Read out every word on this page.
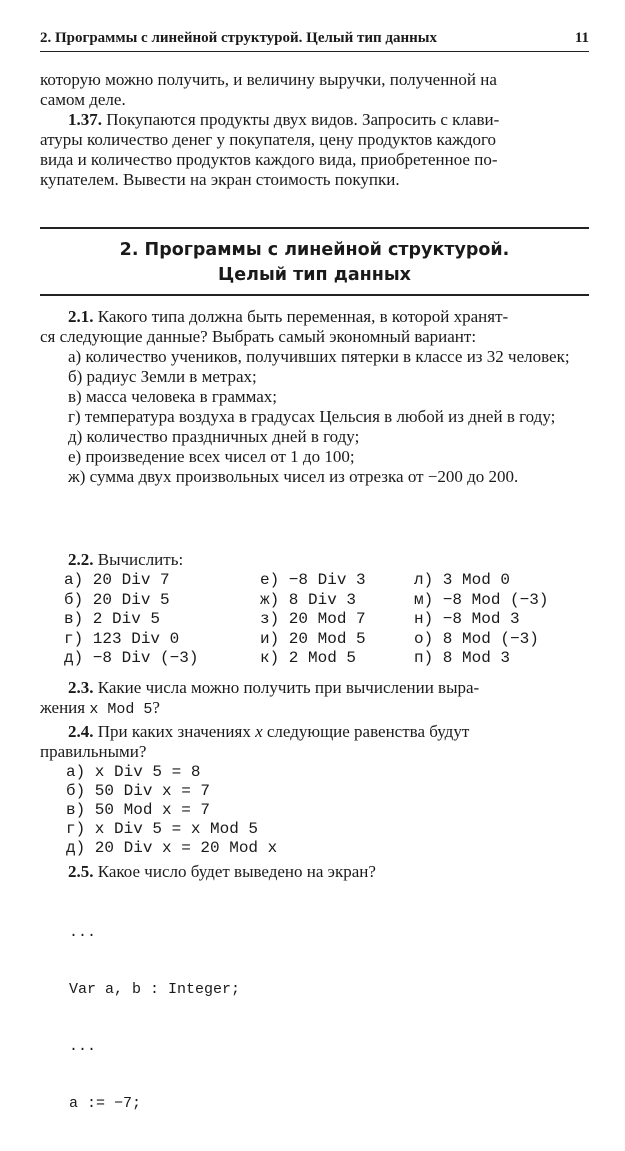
2. Программы с линейной структурой. Целый тип данных	11
которую можно получить, и величину выручки, полученной на
самом деле.
1.37. Покупаются продукты двух видов. Запросить с клави-
атуры количество денег у покупателя, цену продуктов каждого
вида и количество продуктов каждого вида, приобретенное по-
купателем. Вывести на экран стоимость покупки.
2. Программы с линейной структурой.
Целый тип данных
2.1. Какого типа должна быть переменная, в которой хранят-
ся следующие данные? Выбрать самый экономный вариант:
а) количество учеников, получивших пятерки в классе из 32 человек;
б) радиус Земли в метрах;
в) масса человека в граммах;
г) температура воздуха в градусах Цельсия в любой из дней в году;
д) количество праздничных дней в году;
е) произведение всех чисел от 1 до 100;
ж) сумма двух произвольных чисел из отрезка от −200 до 200.
2.2. Вычислить:
а) 20 Div 7
б) 20 Div 5
в) 2 Div 5
г) 123 Div 0
д) −8 Div (−3)
е) −8 Div 3
ж) 8 Div 3
з) 20 Mod 7
и) 20 Mod 5
к) 2 Mod 5
л) 3 Mod 0
м) −8 Mod (−3)
н) −8 Mod 3
о) 8 Mod (−3)
п) 8 Mod 3
2.3. Какие числа можно получить при вычислении выра-
жения x Mod 5?
2.4. При каких значениях x следующие равенства будут
правильными?
а) x Div 5 = 8
б) 50 Div x = 7
в) 50 Mod x = 7
г) x Div 5 = x Mod 5
д) 20 Div x = 20 Mod x
2.5. Какое число будет выведено на экран?

...

Var a, b : Integer;

...

a := −7;
